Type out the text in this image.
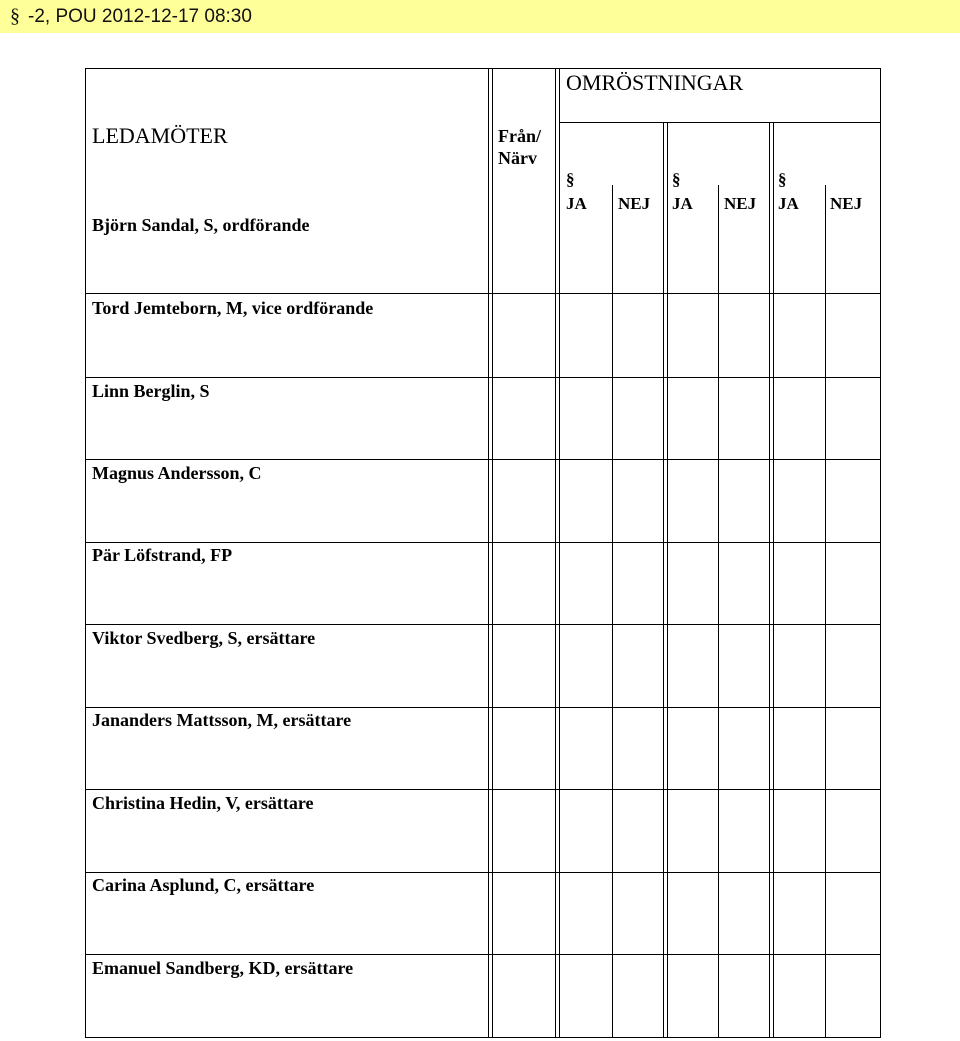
§ -2, POU 2012-12-17 08:30
LEDAMÖTER	Från/ Närv
OMRÖSTNINGAR
§
JA NEJ
§
JA NEJ
§
JA NEJ
Björn Sandal, S, ordförande
Tord Jemteborn, M, vice ordförande
Linn Berglin, S
Magnus Andersson, C
Pär Löfstrand, FP
Viktor Svedberg, S, ersättare
Jananders Mattsson, M, ersättare
Christina Hedin, V, ersättare
Carina Asplund, C, ersättare
Emanuel Sandberg, KD, ersättare
